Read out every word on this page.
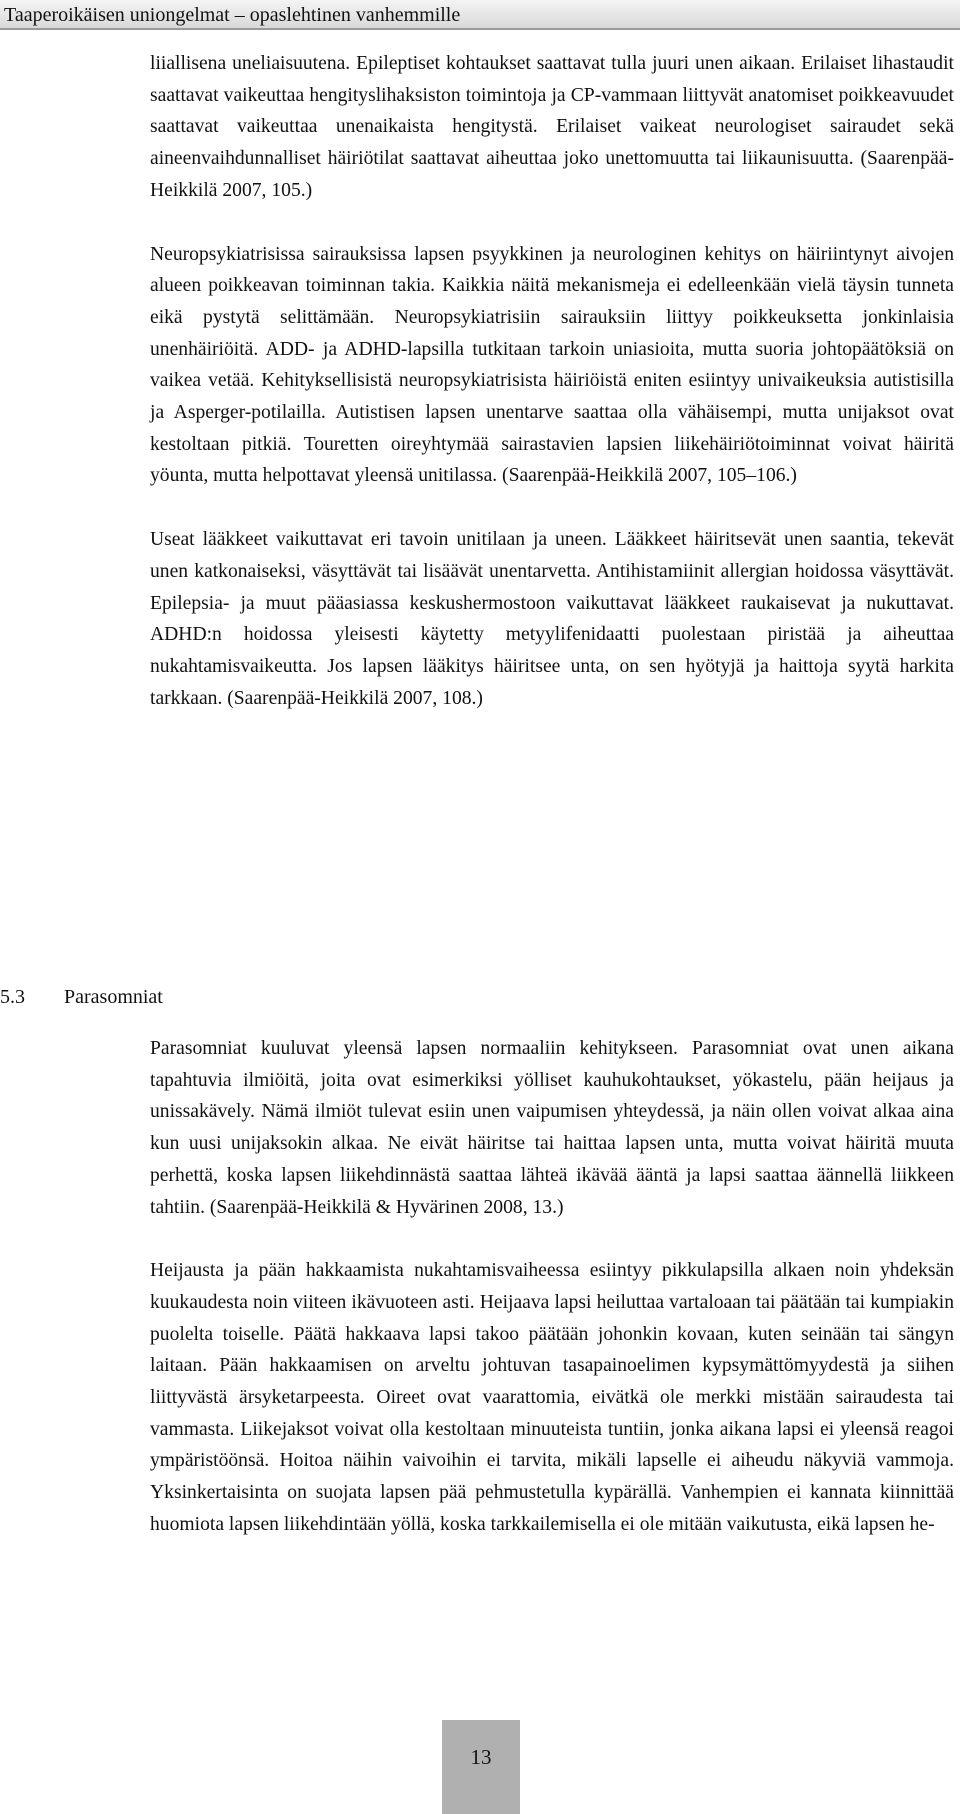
Taaperoikäisen uniongelmat – opaslehtinen vanhemmille

liiallisena uneliaisuutena. Epileptiset kohtaukset saattavat tulla juuri unen aikaan. Erilaiset lihastaudit saattavat vaikeuttaa hengityslihaksiston toimintoja ja CP-vammaan liittyvät anatomiset poikkeavuudet saattavat vaikeuttaa unenaikaista hengitystä. Erilaiset vaikeat neurologiset sairaudet sekä aineenvaihdunnalliset häiriötilat saattavat aiheuttaa joko unettomuutta tai liikaunisuutta. (Saarenpää-Heikkilä 2007, 105.)

Neuropsykiatrisissa sairauksissa lapsen psyykkinen ja neurologinen kehitys on häiriintynyt aivojen alueen poikkeavan toiminnan takia. Kaikkia näitä mekanismeja ei edelleenkään vielä täysin tunneta eikä pystytä selittämään. Neuropsykiatrisiin sairauksiin liittyy poikkeuksetta jonkinlaisia unenhäiriöitä. ADD- ja ADHD-lapsilla tutkitaan tarkoin uniasioita, mutta suoria johtopäätöksiä on vaikea vetää. Kehityksellisistä neuropsykiatrisista häiriöistä eniten esiintyy univaikeuksia autistisilla ja Asperger-potilailla. Autistisen lapsen unentarve saattaa olla vähäisempi, mutta unijaksot ovat kestoltaan pitkiä. Touretten oireyhtymää sairastavien lapsien liikehäiriötoiminnat voivat häiritä yöunta, mutta helpottavat yleensä unitilassa. (Saarenpää-Heikkilä 2007, 105–106.)

Useat lääkkeet vaikuttavat eri tavoin unitilaan ja uneen. Lääkkeet häiritsevät unen saantia, tekevät unen katkonaiseksi, väsyttävät tai lisäävät unentarvetta. Antihistamiinit allergian hoidossa väsyttävät. Epilepsia- ja muut pääasiassa keskushermostoon vaikuttavat lääkkeet raukaisevat ja nukuttavat. ADHD:n hoidossa yleisesti käytetty metyylifenidaatti puolestaan piristää ja aiheuttaa nukahtamisvaikeutta. Jos lapsen lääkitys häiritsee unta, on sen hyötyjä ja haittoja syytä harkita tarkkaan. (Saarenpää-Heikkilä 2007, 108.)

5.3 Parasomniat

Parasomniat kuuluvat yleensä lapsen normaaliin kehitykseen. Parasomniat ovat unen aikana tapahtuvia ilmiöitä, joita ovat esimerkiksi yölliset kauhukohtaukset, yökastelu, pään heijaus ja unissakävely. Nämä ilmiöt tulevat esiin unen vaipumisen yhteydessä, ja näin ollen voivat alkaa aina kun uusi unijaksokin alkaa. Ne eivät häiritse tai haittaa lapsen unta, mutta voivat häiritä muuta perhettä, koska lapsen liikehdinnästä saattaa lähteä ikävää ääntä ja lapsi saattaa äännellä liikkeen tahtiin. (Saarenpää-Heikkilä & Hyvärinen 2008, 13.)

Heijausta ja pään hakkaamista nukahtamisvaiheessa esiintyy pikkulapsilla alkaen noin yhdeksän kuukaudesta noin viiteen ikävuoteen asti. Heijaava lapsi heiluttaa vartaloaan tai päätään tai kumpiakin puolelta toiselle. Päätä hakkaava lapsi takoo päätään johonkin kovaan, kuten seinään tai sängyn laitaan. Pään hakkaamisen on arveltu johtuvan tasapainoelimen kypsymättömyydestä ja siihen liittyvästä ärsyketarpeesta. Oireet ovat vaarattomia, eivätkä ole merkki mistään sairaudesta tai vammasta. Liikejaksot voivat olla kestoltaan minuuteista tuntiin, jonka aikana lapsi ei yleensä reagoi ympäristöönsä. Hoitoa näihin vaivoihin ei tarvita, mikäli lapselle ei aiheudu näkyviä vammoja. Yksinkertaisinta on suojata lapsen pää pehmustetulla kypärällä. Vanhempien ei kannata kiinnittää huomiota lapsen liikehdintään yöllä, koska tarkkailemisella ei ole mitään vaikutusta, eikä lapsen he-

13
